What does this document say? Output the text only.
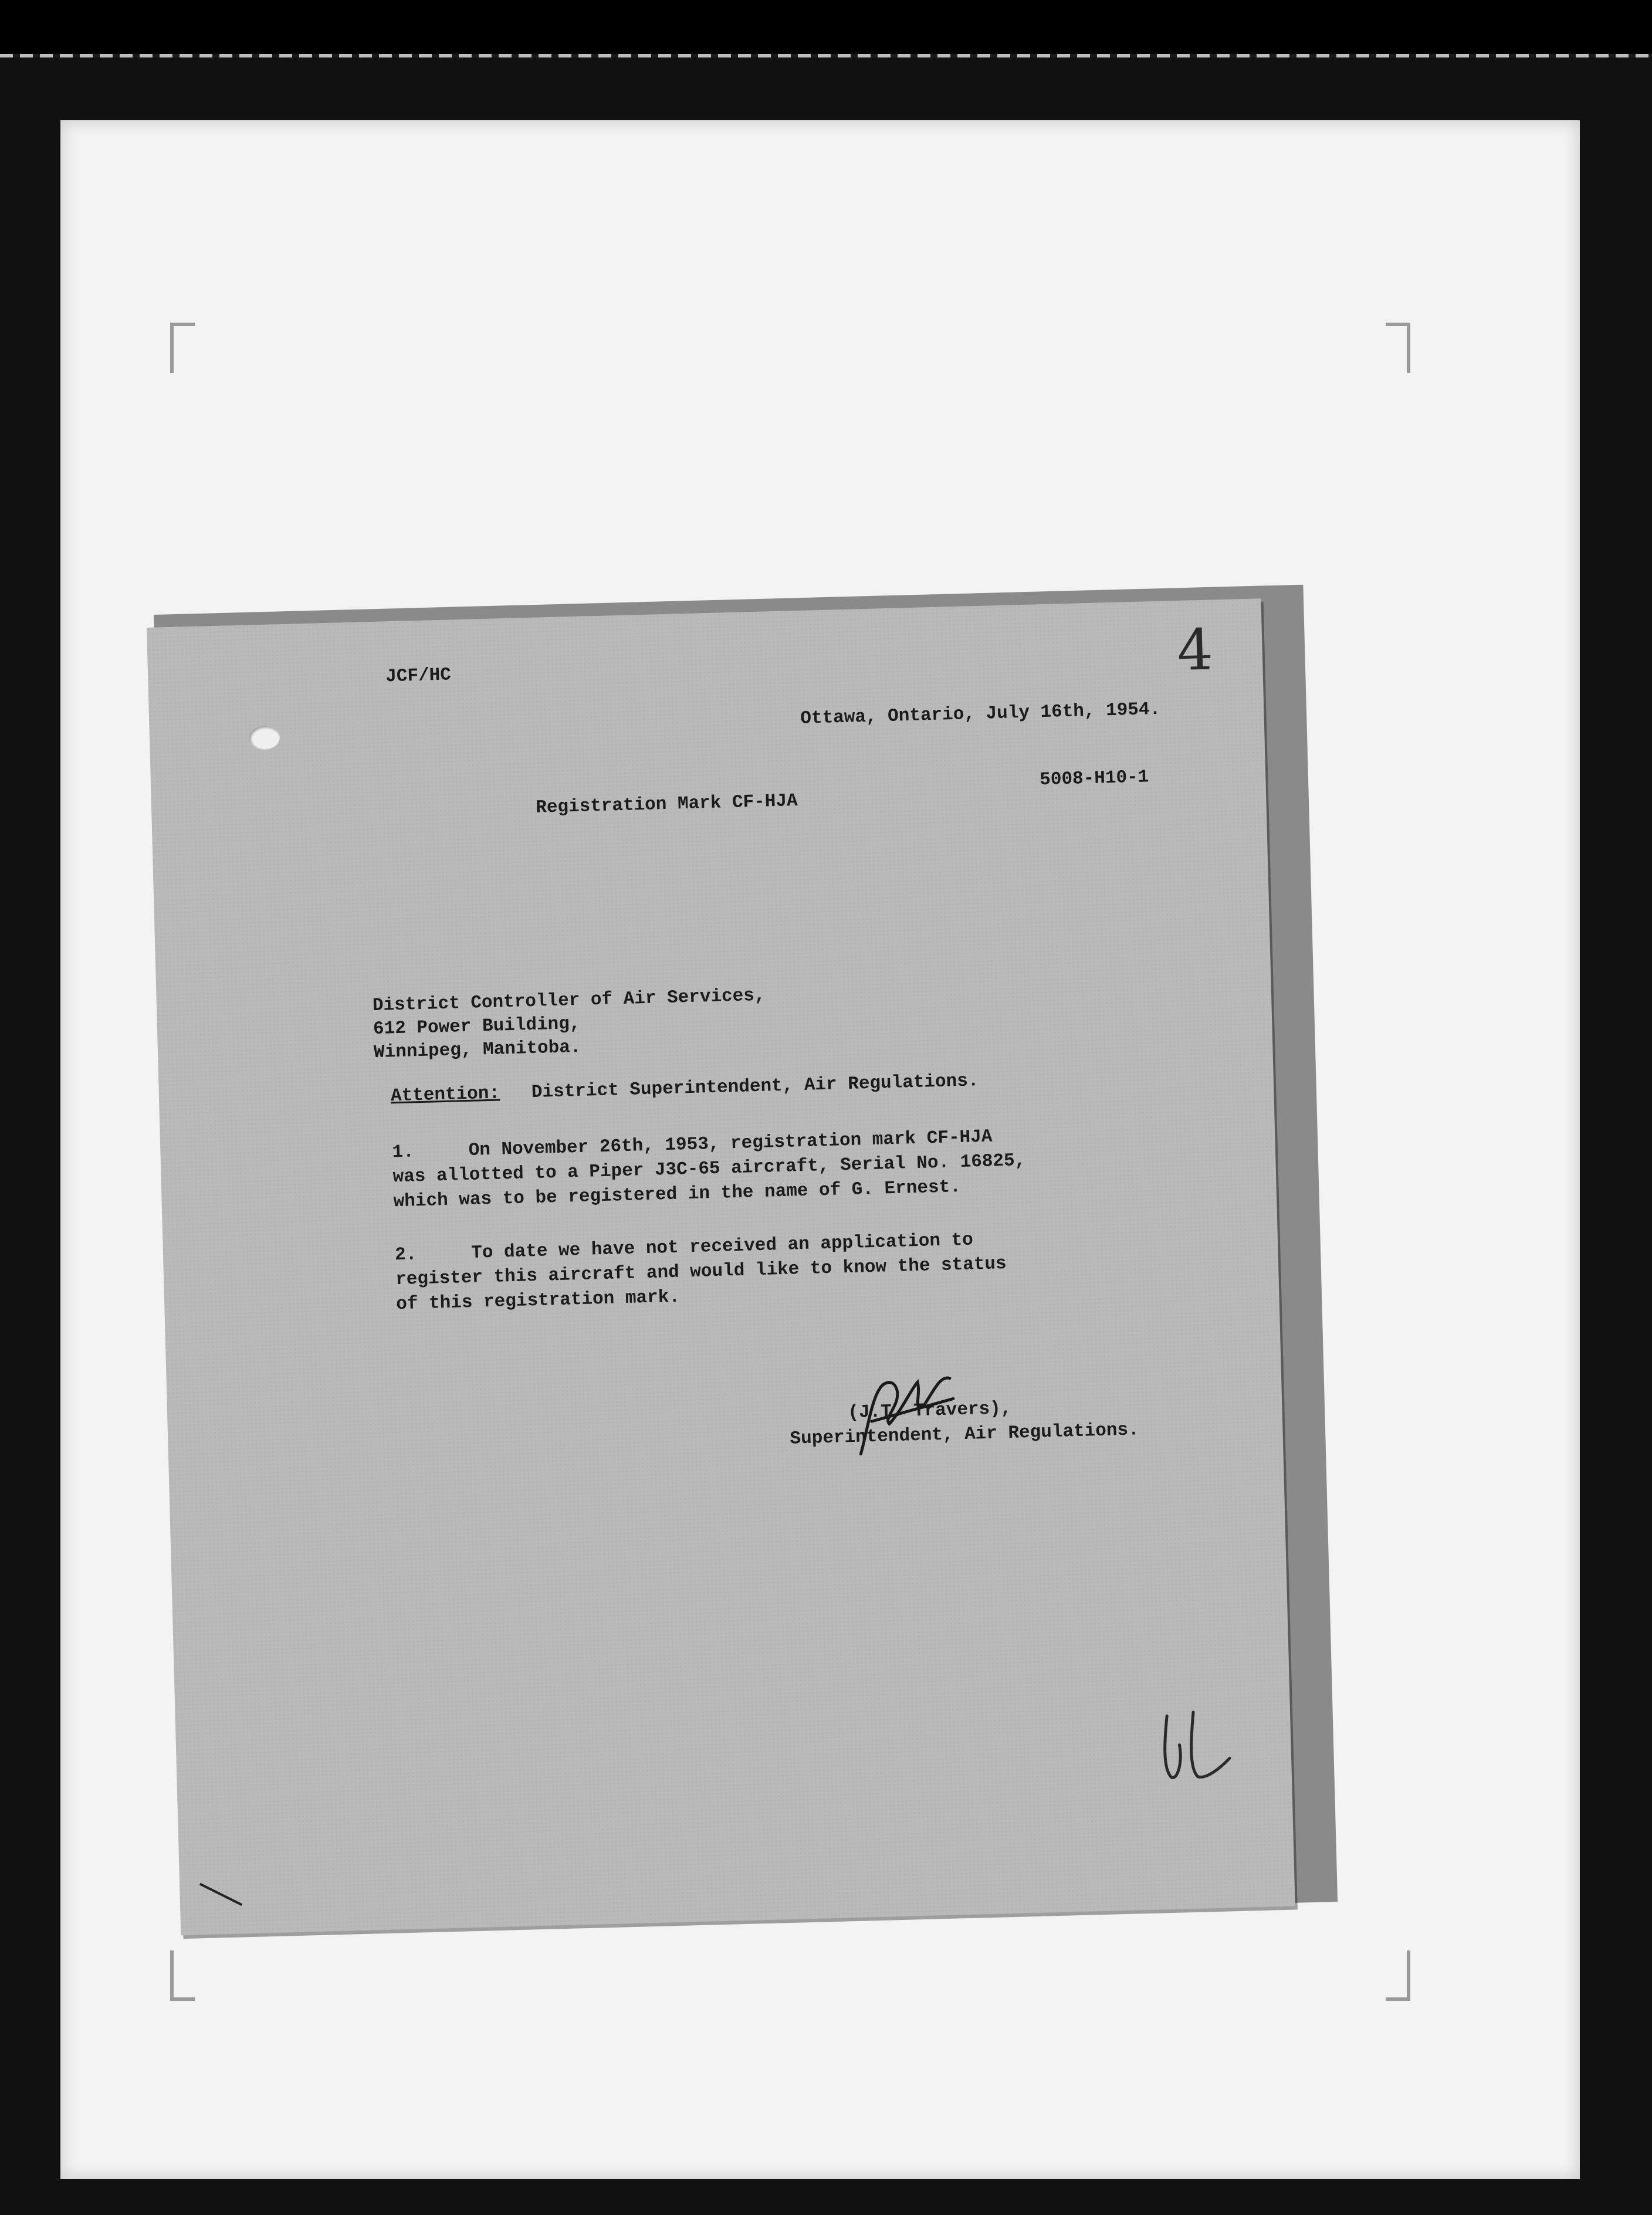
JCF/HC	4
Ottawa, Ontario, July 16th, 1954.
5008-H10-1
Registration Mark CF-HJA
District Controller of Air Services,
612 Power Building,
Winnipeg, Manitoba.
Attention: District Superintendent, Air Regulations.
1.     On November 26th, 1953, registration mark CF-HJA
was allotted to a Piper J3C-65 aircraft, Serial No. 16825,
which was to be registered in the name of G. Ernest.
2.     To date we have not received an application to
register this aircraft and would like to know the status
of this registration mark.
(J.T. Travers),
Superintendent, Air Regulations.
